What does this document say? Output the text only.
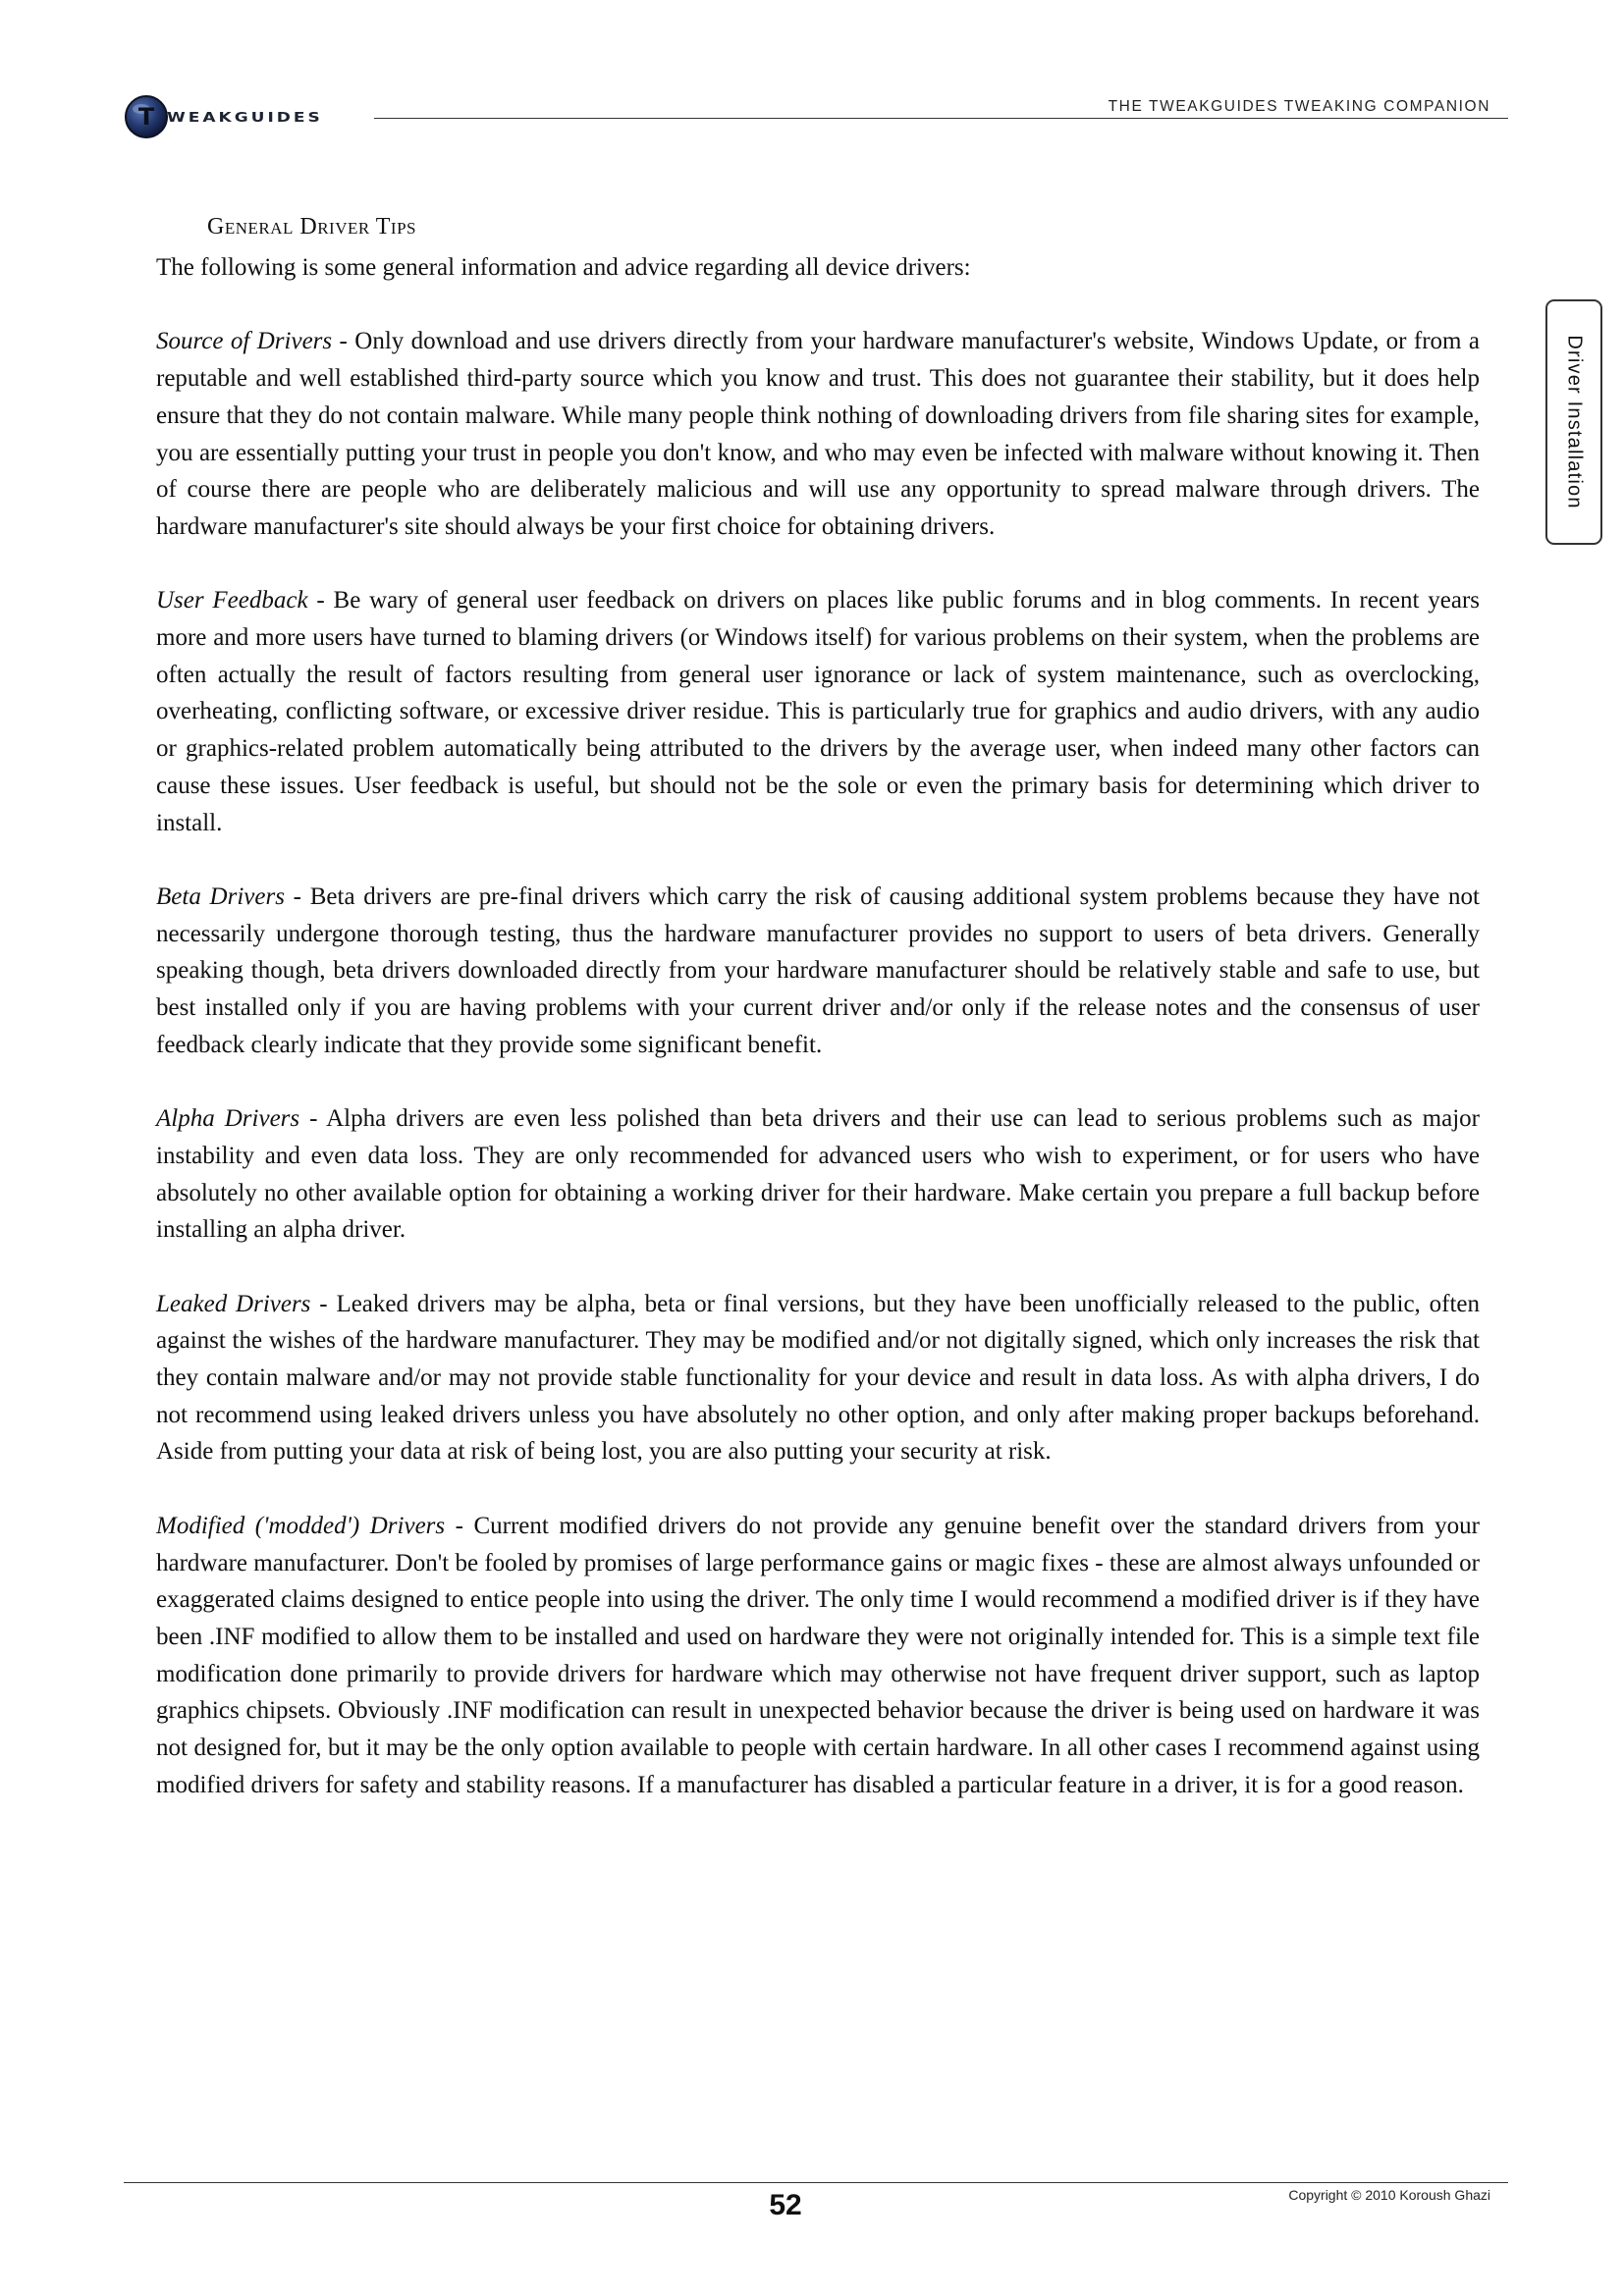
T WEAKGUIDES
THE TWEAKGUIDES TWEAKING COMPANION
Driver Installation
General Driver Tips

The following is some general information and advice regarding all device drivers:

Source of Drivers - Only download and use drivers directly from your hardware manufacturer's website, Windows Update, or from a reputable and well established third-party source which you know and trust. This does not guarantee their stability, but it does help ensure that they do not contain malware. While many people think nothing of downloading drivers from file sharing sites for example, you are essentially putting your trust in people you don't know, and who may even be infected with malware without knowing it. Then of course there are people who are deliberately malicious and will use any opportunity to spread malware through drivers. The hardware manufacturer's site should always be your first choice for obtaining drivers.

User Feedback - Be wary of general user feedback on drivers on places like public forums and in blog comments. In recent years more and more users have turned to blaming drivers (or Windows itself) for various problems on their system, when the problems are often actually the result of factors resulting from general user ignorance or lack of system maintenance, such as overclocking, overheating, conflicting software, or excessive driver residue. This is particularly true for graphics and audio drivers, with any audio or graphics-related problem automatically being attributed to the drivers by the average user, when indeed many other factors can cause these issues. User feedback is useful, but should not be the sole or even the primary basis for determining which driver to install.

Beta Drivers - Beta drivers are pre-final drivers which carry the risk of causing additional system problems because they have not necessarily undergone thorough testing, thus the hardware manufacturer provides no support to users of beta drivers. Generally speaking though, beta drivers downloaded directly from your hardware manufacturer should be relatively stable and safe to use, but best installed only if you are having problems with your current driver and/or only if the release notes and the consensus of user feedback clearly indicate that they provide some significant benefit.

Alpha Drivers - Alpha drivers are even less polished than beta drivers and their use can lead to serious problems such as major instability and even data loss. They are only recommended for advanced users who wish to experiment, or for users who have absolutely no other available option for obtaining a working driver for their hardware. Make certain you prepare a full backup before installing an alpha driver.

Leaked Drivers - Leaked drivers may be alpha, beta or final versions, but they have been unofficially released to the public, often against the wishes of the hardware manufacturer. They may be modified and/or not digitally signed, which only increases the risk that they contain malware and/or may not provide stable functionality for your device and result in data loss. As with alpha drivers, I do not recommend using leaked drivers unless you have absolutely no other option, and only after making proper backups beforehand. Aside from putting your data at risk of being lost, you are also putting your security at risk.

Modified ('modded') Drivers - Current modified drivers do not provide any genuine benefit over the standard drivers from your hardware manufacturer. Don't be fooled by promises of large performance gains or magic fixes - these are almost always unfounded or exaggerated claims designed to entice people into using the driver. The only time I would recommend a modified driver is if they have been .INF modified to allow them to be installed and used on hardware they were not originally intended for. This is a simple text file modification done primarily to provide drivers for hardware which may otherwise not have frequent driver support, such as laptop graphics chipsets. Obviously .INF modification can result in unexpected behavior because the driver is being used on hardware it was not designed for, but it may be the only option available to people with certain hardware. In all other cases I recommend against using modified drivers for safety and stability reasons. If a manufacturer has disabled a particular feature in a driver, it is for a good reason.

52	Copyright © 2010 Koroush Ghazi
